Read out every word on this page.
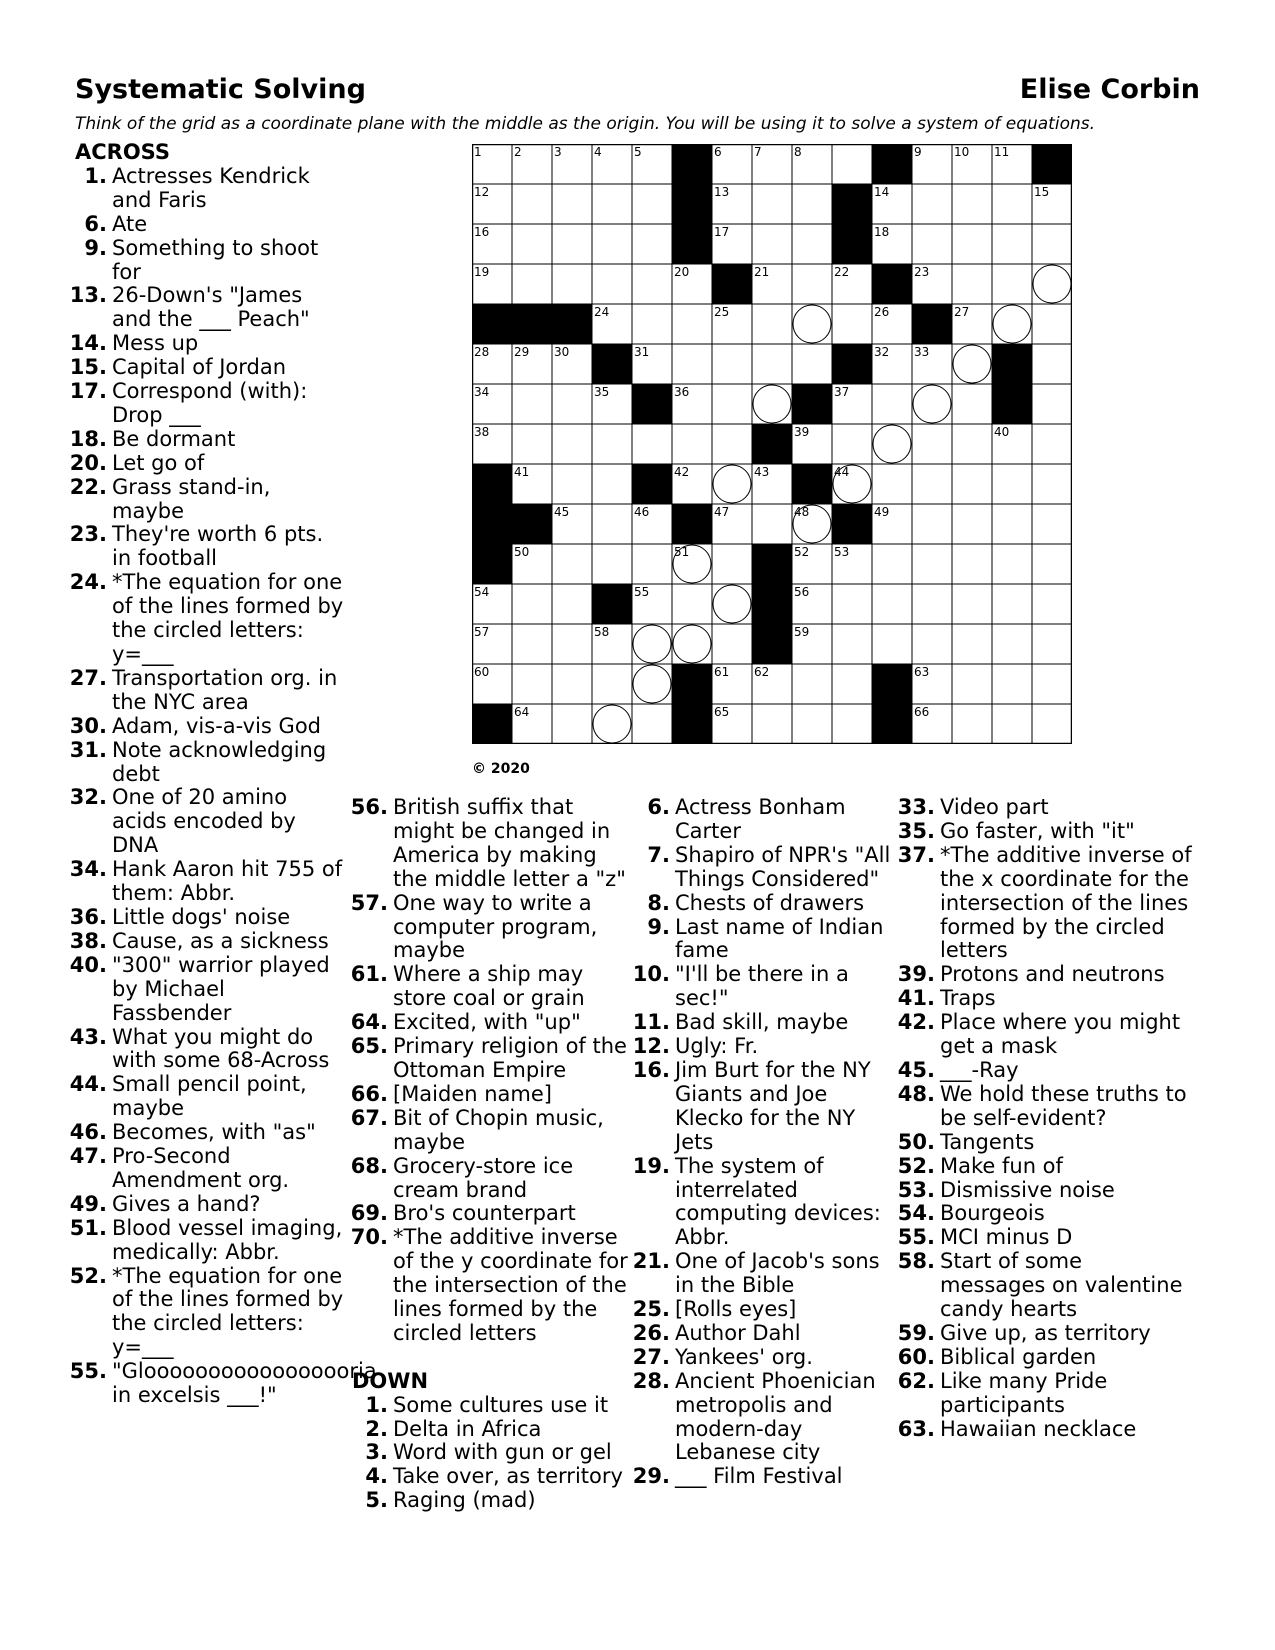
Systematic Solving	Elise Corbin
Think of the grid as a coordinate plane with the middle as the origin. You will be using it to solve a system of equations.
1	2	3	4	5	6	7	8	9	10 11
12	13	14	15
16	17	18
19	20	21	22	23
24	25	26	27
28 29 30	31	32 33
34	35	36	37
38	39	40
41	42	43	44
45	46	47	48	49
50	51	52 53
54	55	56
57	58	59
60	61 62	63
64	65	66
© 2020
ACROSS
1. Actresses Kendrick and Faris
6. Ate
9. Something to shoot for
13. 26-Down's "James and the ___ Peach"
14. Mess up
15. Capital of Jordan
17. Correspond (with): Drop ___
18. Be dormant
20. Let go of
22. Grass stand-in, maybe
23. They're worth 6 pts. in football
24. *The equation for one of the lines formed by the circled letters: y=___
27. Transportation org. in the NYC area
30. Adam, vis-a-vis God
31. Note acknowledging debt
32. One of 20 amino acids encoded by DNA
34. Hank Aaron hit 755 of them: Abbr.
36. Little dogs' noise
38. Cause, as a sickness
40. "300" warrior played by Michael Fassbender
43. What you might do with some 68-Across
44. Small pencil point, maybe
46. Becomes, with "as"
47. Pro-Second Amendment org.
49. Gives a hand?
51. Blood vessel imaging, medically: Abbr.
52. *The equation for one of the lines formed by the circled letters: y=___
55. "Glooooooooooooooooria in excelsis ___!"
56. British suffix that might be changed in America by making the middle letter a "z"
57. One way to write a computer program, maybe
61. Where a ship may store coal or grain
64. Excited, with "up"
65. Primary religion of the Ottoman Empire
66. [Maiden name]
67. Bit of Chopin music, maybe
68. Grocery-store ice cream brand
69. Bro's counterpart
70. *The additive inverse of the y coordinate for the intersection of the lines formed by the circled letters
DOWN
1. Some cultures use it
2. Delta in Africa
3. Word with gun or gel
4. Take over, as territory
5. Raging (mad)
6. Actress Bonham Carter
7. Shapiro of NPR's "All Things Considered"
8. Chests of drawers
9. Last name of Indian fame
10. "I'll be there in a sec!"
11. Bad skill, maybe
12. Ugly: Fr.
16. Jim Burt for the NY Giants and Joe Klecko for the NY Jets
19. The system of interrelated computing devices: Abbr.
21. One of Jacob's sons in the Bible
25. [Rolls eyes]
26. Author Dahl
27. Yankees' org.
28. Ancient Phoenician metropolis and modern-day Lebanese city
29. ___ Film Festival
33. Video part
35. Go faster, with "it"
37. *The additive inverse of the x coordinate for the intersection of the lines formed by the circled letters
39. Protons and neutrons
41. Traps
42. Place where you might get a mask
45. ___-Ray
48. We hold these truths to be self-evident?
50. Tangents
52. Make fun of
53. Dismissive noise
54. Bourgeois
55. MCI minus D
58. Start of some messages on valentine candy hearts
59. Give up, as territory
60. Biblical garden
62. Like many Pride participants
63. Hawaiian necklace
